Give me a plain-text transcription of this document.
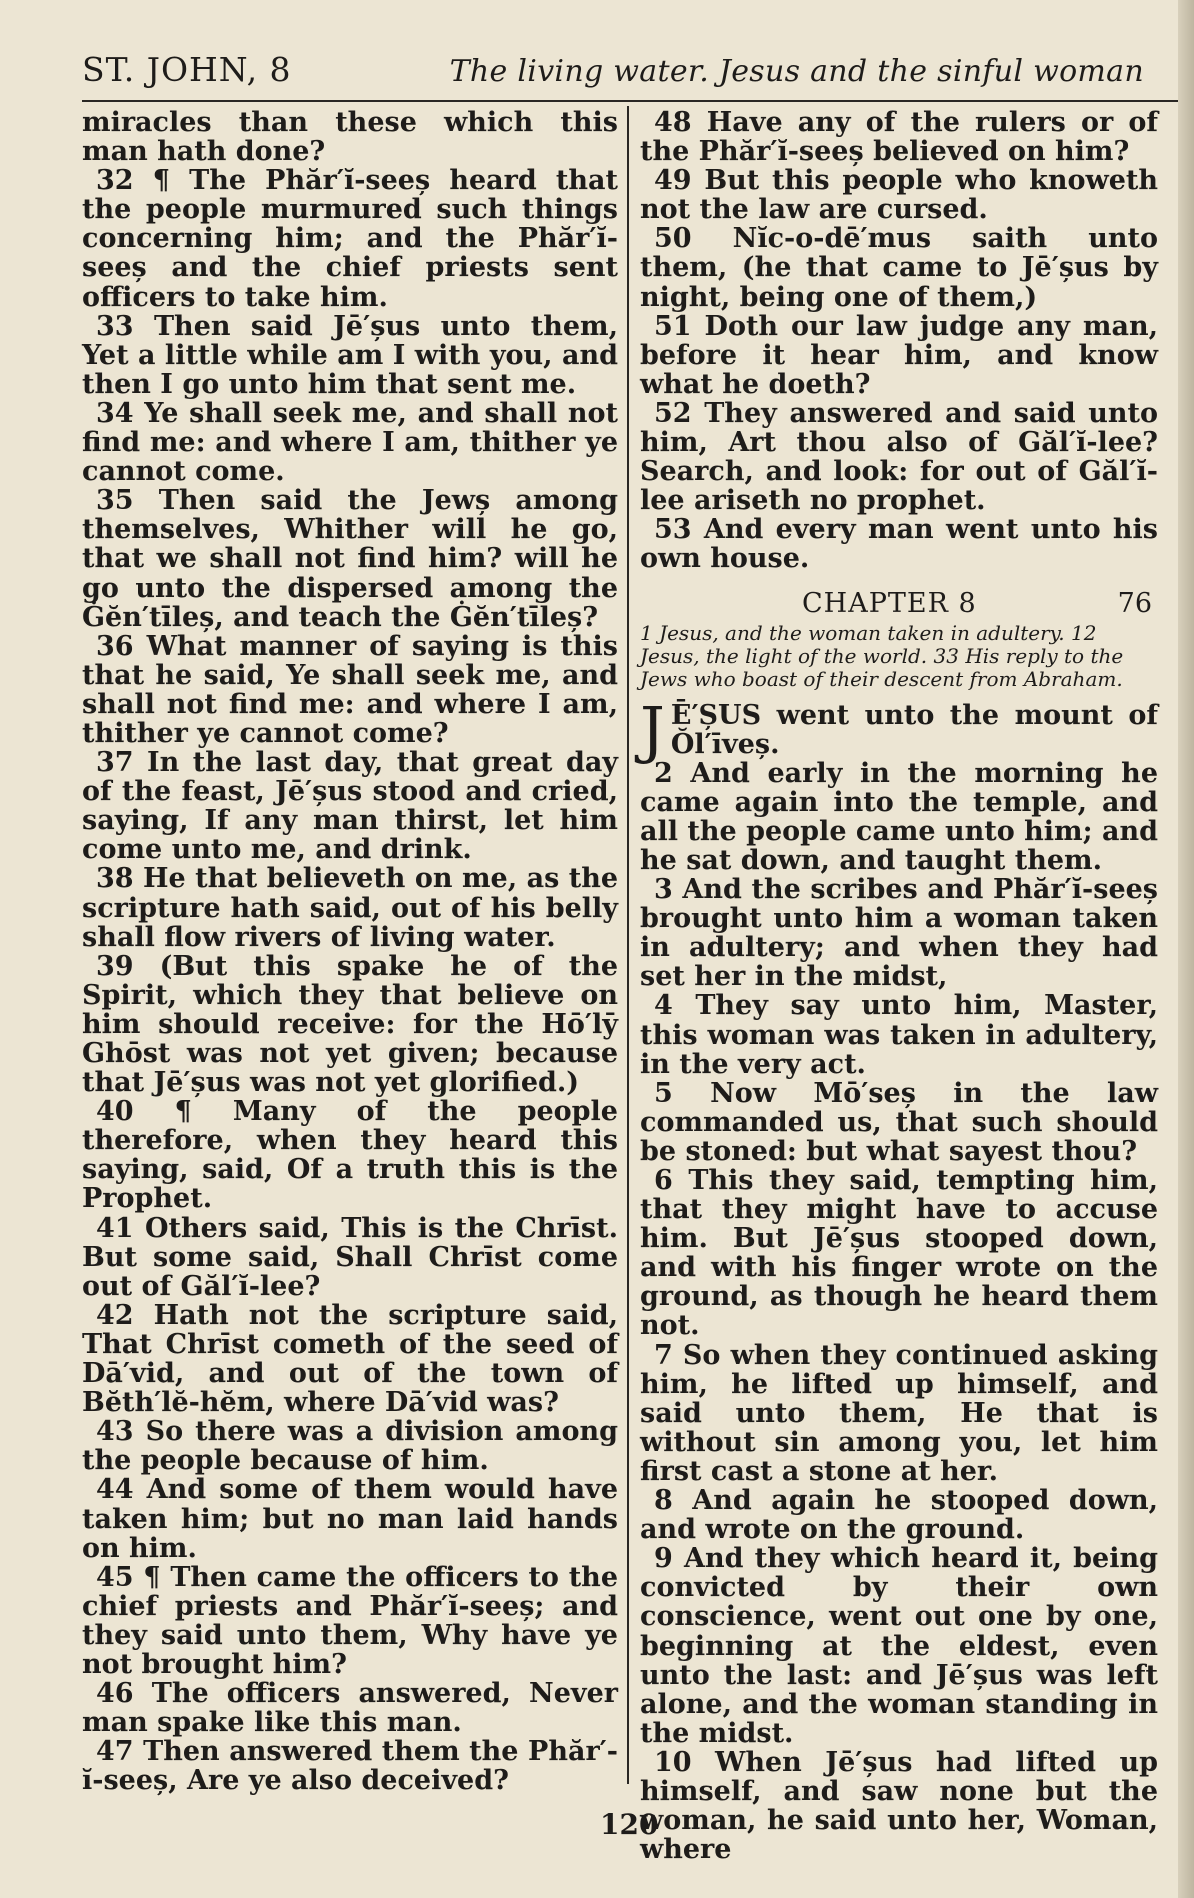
ST. JOHN, 8	The living water. Jesus and the sinful woman

miracles than these which this man hath done?

32 ¶ The Phăr′ĭ-seeș heard that the people murmured such things concerning him; and the Phăr′ĭ-seeș and the chief priests sent officers to take him.

33 Then said Jē′șus unto them, Yet a little while am I with you, and then I go unto him that sent me.

34 Ye shall seek me, and shall not find me: and where I am, thither ye cannot come.

35 Then said the Jewș among themselves, Whither will he go, that we shall not find him? will he go unto the dispersed among the Ġĕn′tīleș, and teach the Ġĕn′tīleș?

36 What manner of saying is this that he said, Ye shall seek me, and shall not find me: and where I am, thither ye cannot come?

37 In the last day, that great day of the feast, Jē′șus stood and cried, saying, If any man thirst, let him come unto me, and drink.

38 He that believeth on me, as the scripture hath said, out of his belly shall flow rivers of living water.

39 (But this spake he of the Spirit, which they that believe on him should receive: for the Hō′lȳ Ghōst was not yet given; because that Jē′șus was not yet glorified.)

40 ¶ Many of the people therefore, when they heard this saying, said, Of a truth this is the Prophet.

41 Others said, This is the Chrīst. But some said, Shall Chrīst come out of Găl′ĭ-lee?

42 Hath not the scripture said, That Chrīst cometh of the seed of Dā′vid, and out of the town of Bĕth′lĕ-hĕm, where Dā′vid was?

43 So there was a division among the people because of him.

44 And some of them would have taken him; but no man laid hands on him.

45 ¶ Then came the officers to the chief priests and Phăr′ĭ-seeș; and they said unto them, Why have ye not brought him?

46 The officers answered, Never man spake like this man.

47 Then answered them the Phăr′-ĭ-seeș, Are ye also deceived?

48 Have any of the rulers or of the Phăr′ĭ-seeș believed on him?

49 But this people who knoweth not the law are cursed.

50 Nĭc-o-dē′mus saith unto them, (he that came to Jē′șus by night, being one of them,)

51 Doth our law judge any man, before it hear him, and know what he doeth?

52 They answered and said unto him, Art thou also of Găl′ĭ-lee? Search, and look: for out of Găl′ĭ-lee ariseth no prophet.

53 And every man went unto his own house.

CHAPTER 8	76
1 Jesus, and the woman taken in adultery. 12 Jesus, the light of the world. 33 His reply to the Jews who boast of their descent from Abraham.
J Ē′ȘUS went unto the mount of Ŏl′īveș.

2 And early in the morning he came again into the temple, and all the people came unto him; and he sat down, and taught them.

3 And the scribes and Phăr′ĭ-seeș brought unto him a woman taken in adultery; and when they had set her in the midst,

4 They say unto him, Master, this woman was taken in adultery, in the very act.

5 Now Mō′seș in the law commanded us, that such should be stoned: but what sayest thou?

6 This they said, tempting him, that they might have to accuse him. But Jē′șus stooped down, and with his finger wrote on the ground, as though he heard them not.

7 So when they continued asking him, he lifted up himself, and said unto them, He that is without sin among you, let him first cast a stone at her.

8 And again he stooped down, and wrote on the ground.

9 And they which heard it, being convicted by their own conscience, went out one by one, beginning at the eldest, even unto the last: and Jē′șus was left alone, and the woman standing in the midst.

10 When Jē′șus had lifted up himself, and saw none but the woman, he said unto her, Woman, where

120
